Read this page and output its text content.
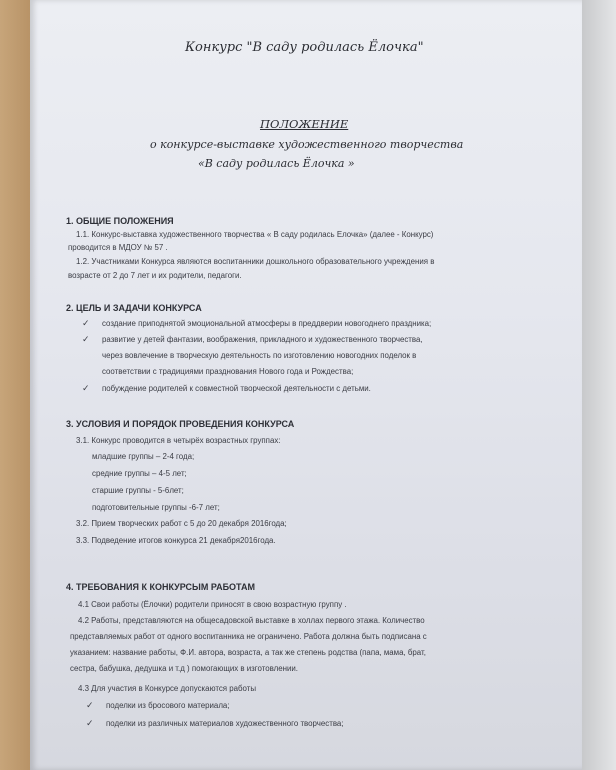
Конкурс "В саду родилась Ёлочка"
ПОЛОЖЕНИЕ
о конкурсе-выставке художественного творчества
«В саду родилась Ёлочка »
1. ОБЩИЕ ПОЛОЖЕНИЯ
1.1. Конкурс-выставка художественного творчества « В саду родилась Елочка» (далее - Конкурс)
проводится в МДОУ № 57 .
1.2. Участниками Конкурса являются воспитанники дошкольного образовательного учреждения в
возрасте от 2 до 7 лет и их родители, педагоги.
2. ЦЕЛЬ И ЗАДАЧИ КОНКУРСА
✓ создание приподнятой эмоциональной атмосферы в преддверии новогоднего праздника;
✓ развитие у детей фантазии, воображения, прикладного и художественного творчества,
через вовлечение в творческую деятельность по изготовлению новогодних поделок в
соответствии с традициями празднования Нового года и Рождества;
✓ побуждение родителей к совместной творческой деятельности с детьми.
3. УСЛОВИЯ И ПОРЯДОК ПРОВЕДЕНИЯ КОНКУРСА
3.1. Конкурс проводится в четырёх возрастных группах:
младшие группы – 2-4 года;
средние группы – 4-5 лет;
старшие группы - 5-6лет;
подготовительные группы -6-7 лет;
3.2. Прием творческих работ с 5 до 20 декабря 2016года;
3.3. Подведение итогов конкурса 21 декабря2016года.
4. ТРЕБОВАНИЯ К КОНКУРСЫМ РАБОТАМ
4.1 Свои работы (Ёлочки) родители приносят в свою возрастную группу .
4.2 Работы, представляются на общесадовской выставке в холлах первого этажа. Количество
представляемых работ от одного воспитанника не ограничено. Работа должна быть подписана с
указанием: название работы, Ф.И. автора, возраста, а так же степень родства (папа, мама, брат,
сестра, бабушка, дедушка и т.д ) помогающих в изготовлении.
4.3 Для участия в Конкурсе допускаются работы
✓ поделки из бросового материала;
✓ поделки из различных материалов художественного творчества;
